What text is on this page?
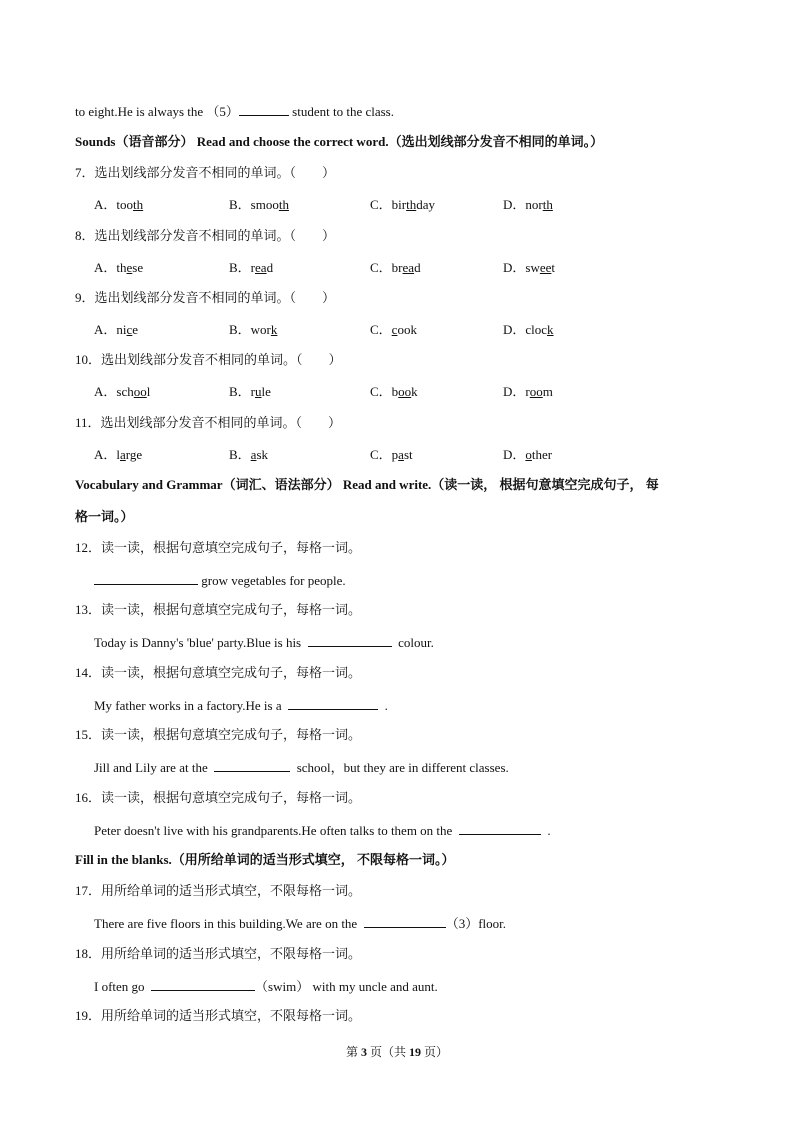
to eight.He is always the （5）	student to the class.
Sounds（语音部分） Read and choose the correct word.（选出划线部分发音不相同的单词。）
7．选出划线部分发音不相同的单词。（　　）
A．tooth	B．smooth	C．birthday	D．north
8．选出划线部分发音不相同的单词。（　　）
A．these	B．read	C．bread	D．sweet
9．选出划线部分发音不相同的单词。（　　）
A．nice	B．work	C．cook	D．clock
10．选出划线部分发音不相同的单词。（　　）
A．school	B．rule	C．book	D．room
11．选出划线部分发音不相同的单词。（　　）
A．large	B．ask	C．past	D．other
Vocabulary and Grammar（词汇、语法部分） Read and write.（读一读， 根据句意填空完成句子， 每
格一词。）
12．读一读，根据句意填空完成句子，每格一词。
grow vegetables for people.
13．读一读，根据句意填空完成句子，每格一词。
Today is Danny's 'blue' party.Blue is his	colour.
14．读一读，根据句意填空完成句子，每格一词。
My father works in a factory.He is a	.
15．读一读，根据句意填空完成句子，每格一词。
Jill and Lily are at the	school，but they are in different classes.
16．读一读，根据句意填空完成句子，每格一词。
Peter doesn't live with his grandparents.He often talks to them on the	.
Fill in the blanks.（用所给单词的适当形式填空， 不限每格一词。）
17．用所给单词的适当形式填空，不限每格一词。
There are five floors in this building.We are on the	（3）floor.
18．用所给单词的适当形式填空，不限每格一词。
I often go	（swim） with my uncle and aunt.
19．用所给单词的适当形式填空，不限每格一词。
第 3 页（共 19 页）
